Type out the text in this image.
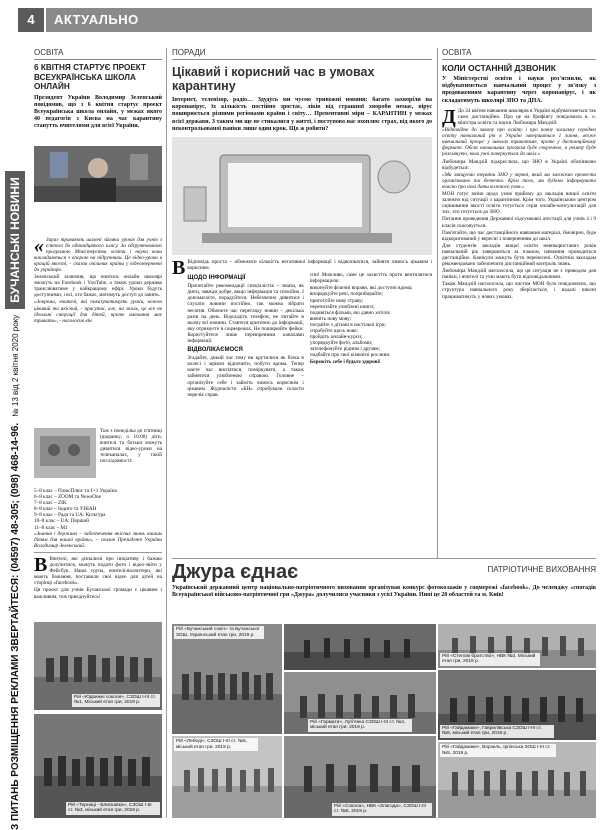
4	АКТУАЛЬНО
З ПИТАНЬ РОЗМІЩЕННЯ РЕКЛАМИ ЗВЕРТАЙТЕСЯ: (04597) 48-305; (098) 468-14-96.
№ 13 від 2 квітня 2020 року
БУЧАНСЬКІ НОВИНИ
ОСВІТА
6 КВІТНЯ СТАРТУЄ ПРОЕКТ ВСЕУКРАЇНСЬКА ШКОЛА ОНЛАЙН
Президент України Володимир Зеленський повідомив, що з 6 квітня стартує проект Всеукраїнська школа онлайн, у межах якого 40 педагогів з Києва на час карантину станутть вчителями для всієї України.

« Зараз тривають шалені зйомки уроків для учнів з п'ятого до одинадцятого класу. За обґрунтованою програмою Міністерства освіти і науки вони викладаються з опорою на підручники. Це відео-уроки в кращій якості, - сказав очільник країни у відеозверненні до українців.

Зеленський зазначив, що вчитися онлайн школярі зможуть на Facebook і YouTube, а також уроки держава транслюватиме у найкращому ефірі. Уроки будуть доступними, і всі, хто бажає, матимуть доступ до занять.

«Зокрема, вчителі, які показуватимуть уроки, кожен цікавий та якісний, - присутні, але, на жаль, це все не ідеальні ситуації для дітей, проте навчання має тривати», - наголосив він.

Тож з понеділка до п'ятниці (щоранку, о 10:00) діти, вчителі та батьки можуть дивитися відео-уроки на телеканалах, у такій послідовності:

5–8 клас – ПлюсПлюс та 1+1 Україна
6–8 клас – ZOOM та NewsOne
7–8 клас – ZIK
8–8 клас – Індиго та УНІАН
9–8 клас – Рада та UA: Культура
10–8 клас – UA: Перший
11–8 клас – М1

«Знання і держава – забезпечення якісних знань нашим дітям для нашої країни», – сказав Президент України Володимир Зеленський.

В Вчителі, які дізналися про ініціативу і бажаю долучитися, можуть подати фото і відео-звіти у Фейсбук. Наша група, вчителі-волонтери, які мають бажання, поставили свої відео для дітей на сторінці «facebook».

Ця проєкт для учнів Бучанської громади є цікавим і важливим, тож приєднуйтесь!

Рій «Юдвижні соколи», СЗОШ І-ІІІ ст. №1, Міський етап гри, 2019 р.
Рій «Тернаці - Блискавка», СЗОШ І-ІІІ ст. №3, міський етап гри, 2019 р.
ПОРАДИ
Цікавий і корисний час в умовах карантину
Інтернет, телевізор, радіо… Здудусь ми чуємо тривожні новини: багато захворіли на коронавірус, їх кількість постійно зростає, ліків від страшної хвороби немає, вірус поширюється різними регіонами країни і світу… Превентивні міри – КАРАНТИН у межах всієї держави. З таким ми ще не стикалися у житті, і поступово нас охоплює страх, від якого до неконтрольованої паніки лише один крок. Що ж робити?

В Відповідь проста – обмежити кількість негативної інформації і відволікатися, зайняти чимось цікавим і корисним.

ЩОДО ІНФОРМАЦІЇ

Прочитайте рекомендації спеціалістів – знаєш, як діяти, завжди добре, якщо інформація та спокійно. І допомагаєте, порадуйтеся. Небезпечно дивитися і слухати новини постійно, так можна зібрати негатив. Обмежте час перегляду новин – декілька разів на день. Відкладіть телефон, не читайте в ньому всі новини. Ставтеся критично до інформації, яку отримуєте в соцмережах. Не поширюйте фейки. Користуйтеся лише перевіреними каналами інформації.

ВІДВОЛІКАЄМОСЯ

Згадайте, дикий час тому ви крутилися як білка в колесі і мріяли відпочити, побути вдома. Тепер маєте час виспатися, поміркувати, а також зайнятися улюбленою справою. Головне – організуйте себе і займіть чимось корисним і цікавим. Журналісти «БН» спробували скласти перелік справ.

спи! Можливо, саме це захистіть проти вентилятися інформацією:

виконуйте фізичні вправи, які доступні вдома;
впорядкуйте речі, поприбирайте;
приготуйте нову страву;
перечитайте улюблені книги;
подивіться фільми, які давно хотіли;
вивчіть нову мову;
пограйте з дітьми в настільні ігри;
спробуйте щось нове;
пройдіть онлайн-курси;
упорядкуйте фото, альбоми;
зателефонуйте рідним і друзям;
подбайте про свої кімнатні рослини.

Бережіть себе і будьте здорові!

ОСВІТА
КОЛИ ОСТАННІЙ ДЗВОНИК
У Міністерстві освіти і науки роз'яснили, як відбуватиметься навчальний процес у зв'язку з продовженням карантину через коронавірус, і як складатимуть школярі ЗНО та ДПА.

Д До 24 квітня навчання школярів в Україні відбуватиметься так само дистанційно. Про це на брифінгу повідомила в. о. міністра освіти та науки Любомира Мандзій:

«Відповідно до закону про освіту і про повну загальну середню освіту навчальний рік в Україні завершиться 1 липня, отже навчальний процес у школах триватиме, проте у дистанційному форматі. Обсяг навчальних програм буде скорочено, а решту буде розглянуто, коли учні повернуться до шкіл.»

Любомира Мандзій підкреслила, що ЗНО в Україні обов'язково відбудеться:

«Ми зміщуємо терміни ЗНО у червні, який ми зможемо провести організовано та безпечно. Крім того, ми будемо інформувати вчасно про нові дати кожного учня.»

МОН готує зміни щодо умов прийому до закладів вищої освіти залежно від ситуації з карантином. Крім того, Українським центром оцінювання якості освіти готується серія онлайн-консультацій для тих, хто готується до ЗНО.

Питання проведення Державної підсумкової атестації для учнів 4 і 9 класів скасовується.

Пам'ятайте, що час дистанційного навчання матеріал, ймовірно, буде відкоригований у вересні з поверненням до шкіл.

Для студентів закладів вищої освіти невикористаних років навчальний рік завершиться за планом, навчання проводиться дистанційно. Канікули можуть бути перенесені. Освітнім закладам рекомендовано забезпечити дистанційний контроль знань.

Любомира Мандзій наголосила, що ця ситуація не є приводом для паніки, і вчителі та учні мають бути відповідальними.

Також Мандзій наголосила, що листом МОН було повідомлено, що структура навчального року зберігається, і надалі школи працюватимуть у нових умовах.

Джура єднає	ПАТРІОТИЧНЕ ВИХОВАННЯ
Український державний центр національно-патріотичного виховання організував конкурс фотоколажів у соцмережі «facebook». До челенджу «спогадів Всеукраїнської військово-патріотичної гри «Джура» долучилися учасники з усієї України. Нині це 20 областей та м. Київ!
Рій «Бучанський сокіл» та Бучанської ЗОШ, Український етап гри, 2019 р.
Рій «Степові братство», НВК №2, Міський етап гри, 2019 р.
Рій «Гармати», Луб'янка СЗОШ І-ІІІ ст. №4, міський етап гри, 2019 р.	Рій «Гайдамаки», Гаврилівська СЗОШ І-ІІІ ст. №8, міський етап гри, 2019 р.
Рій «Лебеді», СЗОШ І-ІІІ ст. №5, міський етап гри, 2019 р.
Рій «Сокола», НВК «Злагода», СЗОШ І-ІІІ ст. №5, 2019 р.
Рій «Гайдамаки», Ворзель, Ірпінська ЗОШ І-ІІІ ст. №5, 2019 р.
